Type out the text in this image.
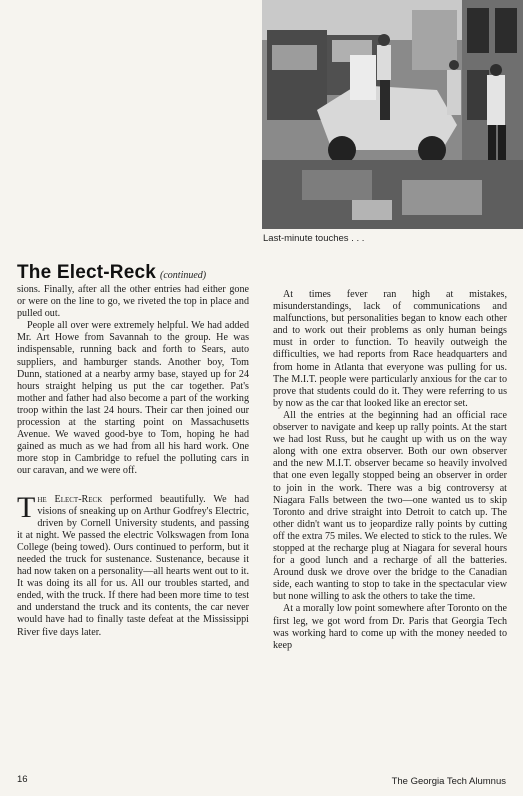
Last-minute touches . . .
The Elect-Reck (continued)

sions. Finally, after all the other entries had either gone or were on the line to go, we riveted the top in place and pulled out.

People all over were extremely helpful. We had added Mr. Art Howe from Savannah to the group. He was indispensable, running back and forth to Sears, auto suppliers, and hamburger stands. Another boy, Tom Dunn, stationed at a nearby army base, stayed up for 24 hours straight helping us put the car together. Pat's mother and father had also become a part of the working troop within the last 24 hours. Their car then joined our procession at the starting point on Massachusetts Avenue. We waved good-bye to Tom, hoping he had gained as much as we had from all his hard work. One more stop in Cambridge to refuel the polluting cars in our caravan, and we were off.

The Elect-Reck performed beautifully. We had visions of sneaking up on Arthur Godfrey's Electric, driven by Cornell University students, and passing it at night. We passed the electric Volkswagen from Iona College (being towed). Ours continued to perform, but it needed the truck for sustenance. Sustenance, because it had now taken on a personality—all hearts went out to it. It was doing its all for us. All our troubles started, and ended, with the truck. If there had been more time to test and understand the truck and its contents, the car never would have had to finally taste defeat at the Mississippi River five days later.

At times fever ran high at mistakes, misunderstandings, lack of communications and malfunctions, but personalities began to know each other and to work out their problems as only human beings must in order to function. To heavily outweigh the difficulties, we had reports from Race headquarters and from home in Atlanta that everyone was pulling for us. The M.I.T. people were particularly anxious for the car to prove that students could do it. They were referring to us by now as the car that looked like an erector set.

All the entries at the beginning had an official race observer to navigate and keep up rally points. At the start we had lost Russ, but he caught up with us on the way along with one extra observer. Both our own observer and the new M.I.T. observer became so heavily involved that one even legally stopped being an observer in order to join in the work. There was a big controversy at Niagara Falls between the two—one wanted us to skip Toronto and drive straight into Detroit to catch up. The other didn't want us to jeopardize rally points by cutting off the extra 75 miles. We elected to stick to the rules. We stopped at the recharge plug at Niagara for several hours for a good lunch and a recharge of all the batteries. Around dusk we drove over the bridge to the Canadian side, each wanting to stop to take in the spectacular view but none willing to ask the others to take the time.

At a morally low point somewhere after Toronto on the first leg, we got word from Dr. Paris that Georgia Tech was working hard to come up with the money needed to keep

16	The Georgia Tech Alumnus
